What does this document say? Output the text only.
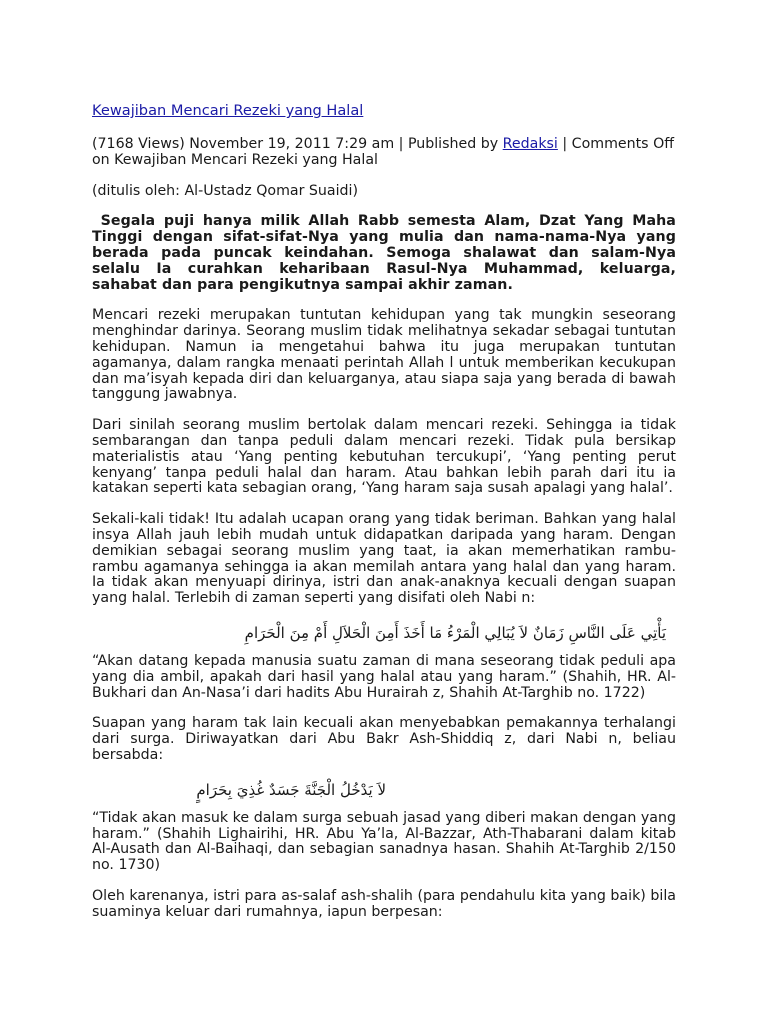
Kewajiban Mencari Rezeki yang Halal

(7168 Views) November 19, 2011 7:29 am | Published by Redaksi | Comments Off on Kewajiban Mencari Rezeki yang Halal

(ditulis oleh: Al-Ustadz Qomar Suaidi)

Segala puji hanya milik Allah Rabb semesta Alam, Dzat Yang Maha Tinggi dengan sifat-sifat-Nya yang mulia dan nama-nama-Nya yang berada pada puncak keindahan. Semoga shalawat dan salam-Nya selalu Ia curahkan keharibaan Rasul-Nya Muhammad, keluarga, sahabat dan para pengikutnya sampai akhir zaman.

Mencari rezeki merupakan tuntutan kehidupan yang tak mungkin seseorang menghindar darinya. Seorang muslim tidak melihatnya sekadar sebagai tuntutan kehidupan. Namun ia mengetahui bahwa itu juga merupakan tuntutan agamanya, dalam rangka menaati perintah Allah l untuk memberikan kecukupan dan ma’isyah kepada diri dan keluarganya, atau siapa saja yang berada di bawah tanggung jawabnya.

Dari sinilah seorang muslim bertolak dalam mencari rezeki. Sehingga ia tidak sembarangan dan tanpa peduli dalam mencari rezeki. Tidak pula bersikap materialistis atau ‘Yang penting kebutuhan tercukupi’, ‘Yang penting perut kenyang’ tanpa peduli halal dan haram. Atau bahkan lebih parah dari itu ia katakan seperti kata sebagian orang, ‘Yang haram saja susah apalagi yang halal’.

Sekali-kali tidak! Itu adalah ucapan orang yang tidak beriman. Bahkan yang halal insya Allah jauh lebih mudah untuk didapatkan daripada yang haram. Dengan demikian sebagai seorang muslim yang taat, ia akan memerhatikan rambu-rambu agamanya sehingga ia akan memilah antara yang halal dan yang haram. Ia tidak akan menyuapi dirinya, istri dan anak-anaknya kecuali dengan suapan yang halal. Terlebih di zaman seperti yang disifati oleh Nabi n:

يَأْتِي عَلَى النَّاسِ زَمَانٌ لاَ يُبَالِي الْمَرْءُ مَا أَخَذَ أَمِنَ الْحَلاَلِ أَمْ مِنَ الْحَرَامِ

“Akan datang kepada manusia suatu zaman di mana seseorang tidak peduli apa yang dia ambil, apakah dari hasil yang halal atau yang haram.” (Shahih, HR. Al-Bukhari dan An-Nasa’i dari hadits Abu Hurairah z, Shahih At-Targhib no. 1722)

Suapan yang haram tak lain kecuali akan menyebabkan pemakannya terhalangi dari surga. Diriwayatkan dari Abu Bakr Ash-Shiddiq z, dari Nabi n, beliau bersabda:

لاَ يَدْخُلُ الْجَنَّةَ جَسَدٌ غُذِيَ بِحَرَامٍ

“Tidak akan masuk ke dalam surga sebuah jasad yang diberi makan dengan yang haram.” (Shahih Lighairihi, HR. Abu Ya’la, Al-Bazzar, Ath-Thabarani dalam kitab Al-Ausath dan Al-Baihaqi, dan sebagian sanadnya hasan. Shahih At-Targhib 2/150 no. 1730)

Oleh karenanya, istri para as-salaf ash-shalih (para pendahulu kita yang baik) bila suaminya keluar dari rumahnya, iapun berpesan:
